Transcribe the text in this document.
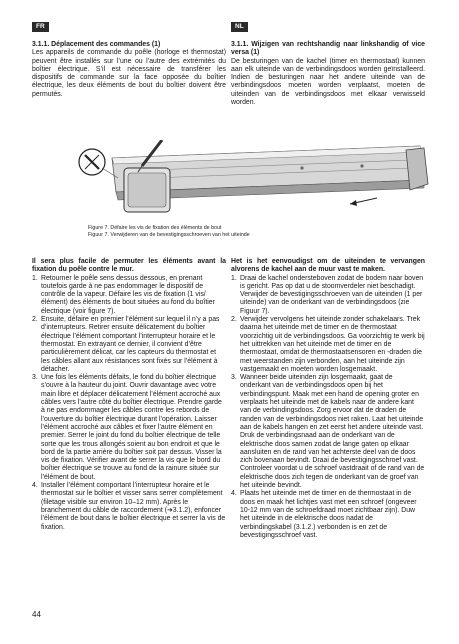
FR	NL

3.1.1. Déplacement des commandes (1)

Les appareils de commande du poêle (horloge et thermostat) peuvent être installés sur l’une ou l’autre des extrémités du boîtier électrique. S’il est nécessaire de transférer les dispositifs de commande sur la face opposée du boîtier électrique, les deux éléments de bout du boîtier doivent être permutés.

3.1.1. Wijzigen van rechtshandig naar linkshandig of vice versa (1)

De besturingen van de kachel (timer en thermostaat) kunnen aan elk uiteinde van de verbindingsdoos worden geïnstalleerd. Indien de besturingen naar het andere uiteinde van de verbindingsdoos moeten worden verplaatst, moeten de uiteinden van de verbindingsdoos met elkaar verwisseld worden.

Figure 7. Défaire les vis de fixation des éléments de bout
Figuur 7. Verwijderen van de bevestigingsschroeven van het uiteinde

Il sera plus facile de permuter les éléments avant la fixation du poêle contre le mur.

1. Retourner le poêle sens dessus dessous, en prenant toutefois garde à ne pas endommager le dispositif de contrôle de la vapeur. Défaire les vis de fixation (1 vis/élément) des éléments de bout situées au fond du boîtier électrique (voir figure 7).
2. Ensuite, défaire en premier l’élément sur lequel il n’y a pas d’interrupteurs. Retirer ensuite délicatement du boîtier électrique l’élément comportant l’interrupteur horaire et le thermostat. En extrayant ce dernier, il convient d’être particulièrement délicat, car les capteurs du thermostat et les câbles allant aux résistances sont fixés sur l’élément à détacher.
3. Une fois les éléments défaits, le fond du boîtier électrique s’ouvre à la hauteur du joint. Ouvrir davantage avec votre main libre et déplacer délicatement l’élément accroché aux câbles vers l’autre côté du boîtier électrique. Prendre garde à ne pas endommager les câbles contre les rebords de l’ouverture du boîtier électrique durant l’opération. Laisser l’élément accroché aux câbles et fixer l’autre élément en premier. Serrer le joint du fond du boîtier électrique de telle sorte que les trous allongés soient au bon endroit et que le bord de la partie arrière du boîtier soit par dessus. Visser la vis de fixation. Vérifier avant de serrer la vis que le bord du boîtier électrique se trouve au fond de la rainure située sur l’élément de bout.
4. Installer l’élément comportant l’interrupteur horaire et le thermostat sur le boîtier et visser sans serrer complètement (filetage visible sur environ 10–12 mm). Après le branchement du câble de raccordement (➔3.1.2), enfoncer l’élément de bout dans le boîtier électrique et serrer la vis de fixation.

Het is het eenvoudigst om de uiteinden te vervangen alvorens de kachel aan de muur vast te maken.

1. Draai de kachel ondersteboven zodat de bodem naar boven is gericht. Pas op dat u de stoomverdeler niet beschadigt. Verwijder de bevestigingsschroeven van de uiteinden (1 per uiteinde) van de onderkant van de verbindingsdoos (zie Figuur 7).
2. Verwijder vervolgens het uiteinde zonder schakelaars. Trek daarna het uiteinde met de timer en de thermostaat voorzichtig uit de verbindingsdoos. Ga voorzichtig te werk bij het uittrekken van het uiteinde met de timer en de thermostaat, omdat de thermostaatsensoren en -draden die met weerstanden zijn verbonden, aan het uiteinde zijn vastgemaakt en moeten worden losgemaakt.
3. Wanneer beide uiteinden zijn losgemaakt, gaat de onderkant van de verbindingsdoos open bij het verbindingspunt. Maak met een hand de opening groter en verplaats het uiteinde met de kabels naar de andere kant van de verbindingsdoos. Zorg ervoor dat de draden de randen van de verbindingsdoos niet raken. Laat het uiteinde aan de kabels hangen en zet eerst het andere uiteinde vast. Druk de verbindingsnaad aan de onderkant van de elektrische doos samen zodat de lange gaten op elkaar aansluiten en de rand van het achterste deel van de doos zich bovenaan bevindt. Draai de bevestigingsschroef vast. Controleer voordat u de schroef vastdraait of de rand van de elektrische doos zich tegen de onderkant van de groef van het uiteinde bevindt.
4. Plaats het uiteinde met de timer en de thermostaat in de doos en maak het lichtjes vast met een schroef (ongeveer 10-12 mm van de schroefdraad moet zichtbaar zijn). Duw het uiteinde in de elektrische doos nadat de verbindingskabel (3.1.2.) verbonden is en zet de bevestigingsschroef vast.
44
